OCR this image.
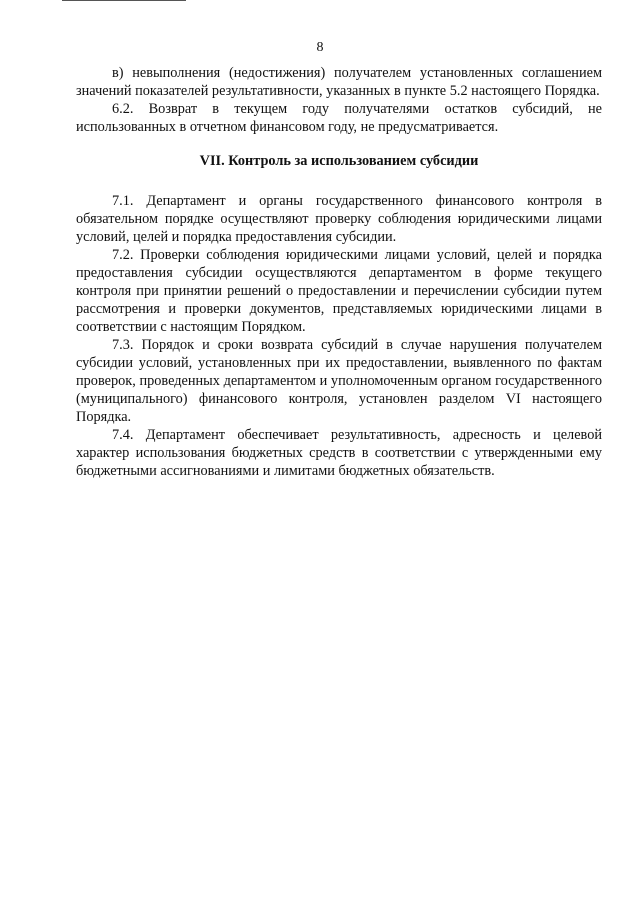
8

в) невыполнения (недостижения) получателем установленных соглашением значений показателей результативности, указанных в пункте 5.2 настоящего Порядка.

6.2. Возврат в текущем году получателями остатков субсидий, не использованных в отчетном финансовом году, не предусматривается.

VII. Контроль за использованием субсидии

7.1. Департамент и органы государственного финансового контроля в обязательном порядке осуществляют проверку соблюдения юридическими лицами условий, целей и порядка предоставления субсидии.

7.2. Проверки соблюдения юридическими лицами условий, целей и порядка предоставления субсидии осуществляются департаментом в форме текущего контроля при принятии решений о предоставлении и перечислении субсидии путем рассмотрения и проверки документов, представляемых юридическими лицами в соответствии с настоящим Порядком.

7.3. Порядок и сроки возврата субсидий в случае нарушения получателем субсидии условий, установленных при их предоставлении, выявленного по фактам проверок, проведенных департаментом и уполномоченным органом государственного (муниципального) финансового контроля, установлен разделом VI настоящего Порядка.

7.4. Департамент обеспечивает результативность, адресность и целевой характер использования бюджетных средств в соответствии с утвержденными ему бюджетными ассигнованиями и лимитами бюджетных обязательств.
